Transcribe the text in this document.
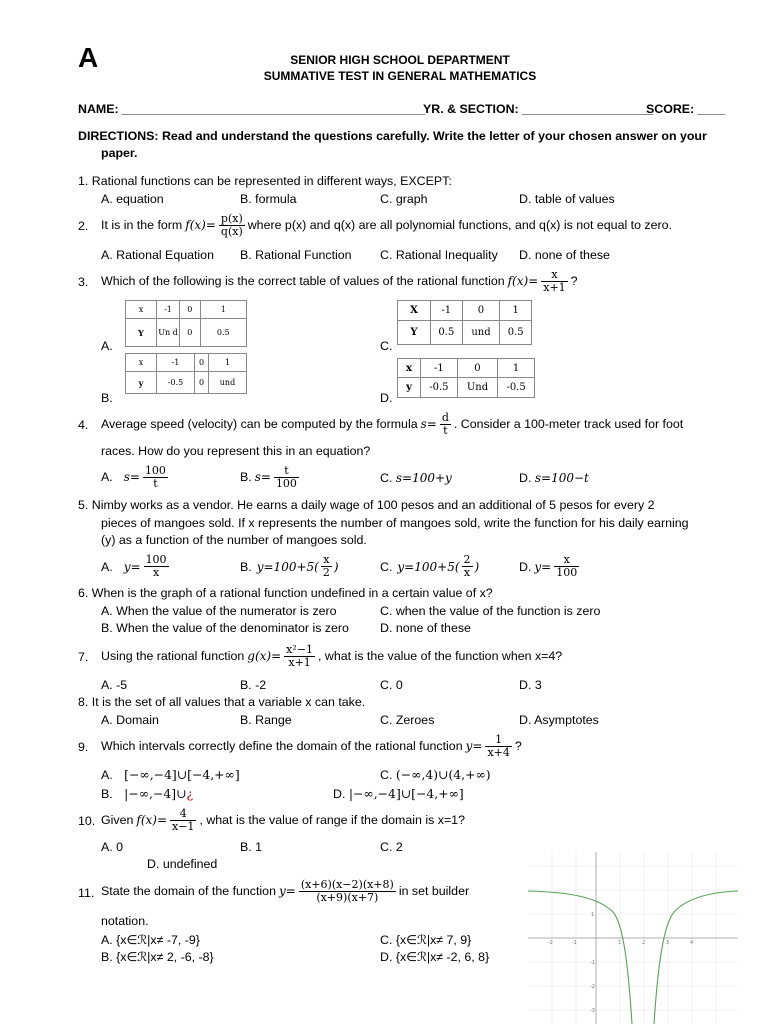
A	SENIOR HIGH SCHOOL DEPARTMENT
SUMMATIVE TEST IN GENERAL MATHEMATICS
NAME: ____________________________________________
YR. & SECTION: ___________________
SCORE: ____
DIRECTIONS: Read and understand the questions carefully. Write the letter of your chosen answer on your
paper.
1. Rational functions can be represented in different ways, EXCEPT:
A. equation	B. formula	C. graph	D. table of values
2. It is in the form $f(x)= \frac{p(x)}{q(x)}$ where p(x) and q(x) are all polynomial functions, and q(x) is not equal to zero.
A. Rational Equation B. Rational Function C. Rational Inequality D. none of these
3. Which of the following is the correct table of values of the rational function $f(x)= \frac{x}{x+1}$ ?
x	-1	0	1
Y	Un d	0	0.5
A.
x	-1	0	1
y	-0.5	0	und
B.
X	-1	0	1
Y	0.5	und	0.5
C.
x	-1	0	1
y	-0.5	Und	-0.5
D.
4. Average speed (velocity) can be computed by the formula $s= \frac{d}{t}$ . Consider a 100-meter track used for foot
races. How do you represent this in an equation?
A. $s= \frac{100}{t}$	B. $s= \frac{t}{100}$	C. s=100+y	D. s=100−t
5. Nimby works as a vendor. He earns a daily wage of 100 pesos and an additional of 5 pesos for every 2
pieces of mangoes sold. If x represents the number of mangoes sold, write the function for his daily earning
(y) as a function of the number of mangoes sold.
A. $y= \frac{100}{x}$	B. $y=100+5( \frac{x}{2}$ )	C. $y=100+5( \frac{2}{x}$ )	D. $y= \frac{x}{100}$
6. When is the graph of a rational function undefined in a certain value of x?
A. When the value of the numerator is zero	C. when the value of the function is zero
B. When the value of the denominator is zero	D. none of these
7. Using the rational function $g(x)= \frac{\text{x²−1}}{x+1}$ , what is the value of the function when x=4?
A. -5	B. -2	C. 0	D. 3
8. It is the set of all values that a variable x can take.
A. Domain	B. Range	C. Zeroes	D. Asymptotes
9. Which intervals correctly define the domain of the rational function $y= \frac{1}{x+4}$ ?
A. [−∞,−4]∪[−4,+∞]	C. (−∞,4)∪(4,+∞)
B. |−∞,−4]∪¿	D. |−∞,−4]∪[−4,+∞]
10. Given $f(x)= \frac{4}{x-1}$ , what is the value of range if the domain is x=1?
A. 0	B. 1	C. 2
D. undefined
11. State the domain of the function $y= \frac{(x+6)(x-2)(x+8)}{(x+9)(x+7)}$ in set builder
notation.
A. {x∈ℛ|x≠ -7, -9}	C. {x∈ℛ|x≠ 7, 9}
B. {x∈ℛ|x≠ 2, -6, -8}	D. {x∈ℛ|x≠ -2, 6, 8}
-2	-1	1	2	3	4
1
-1
-2
-3
